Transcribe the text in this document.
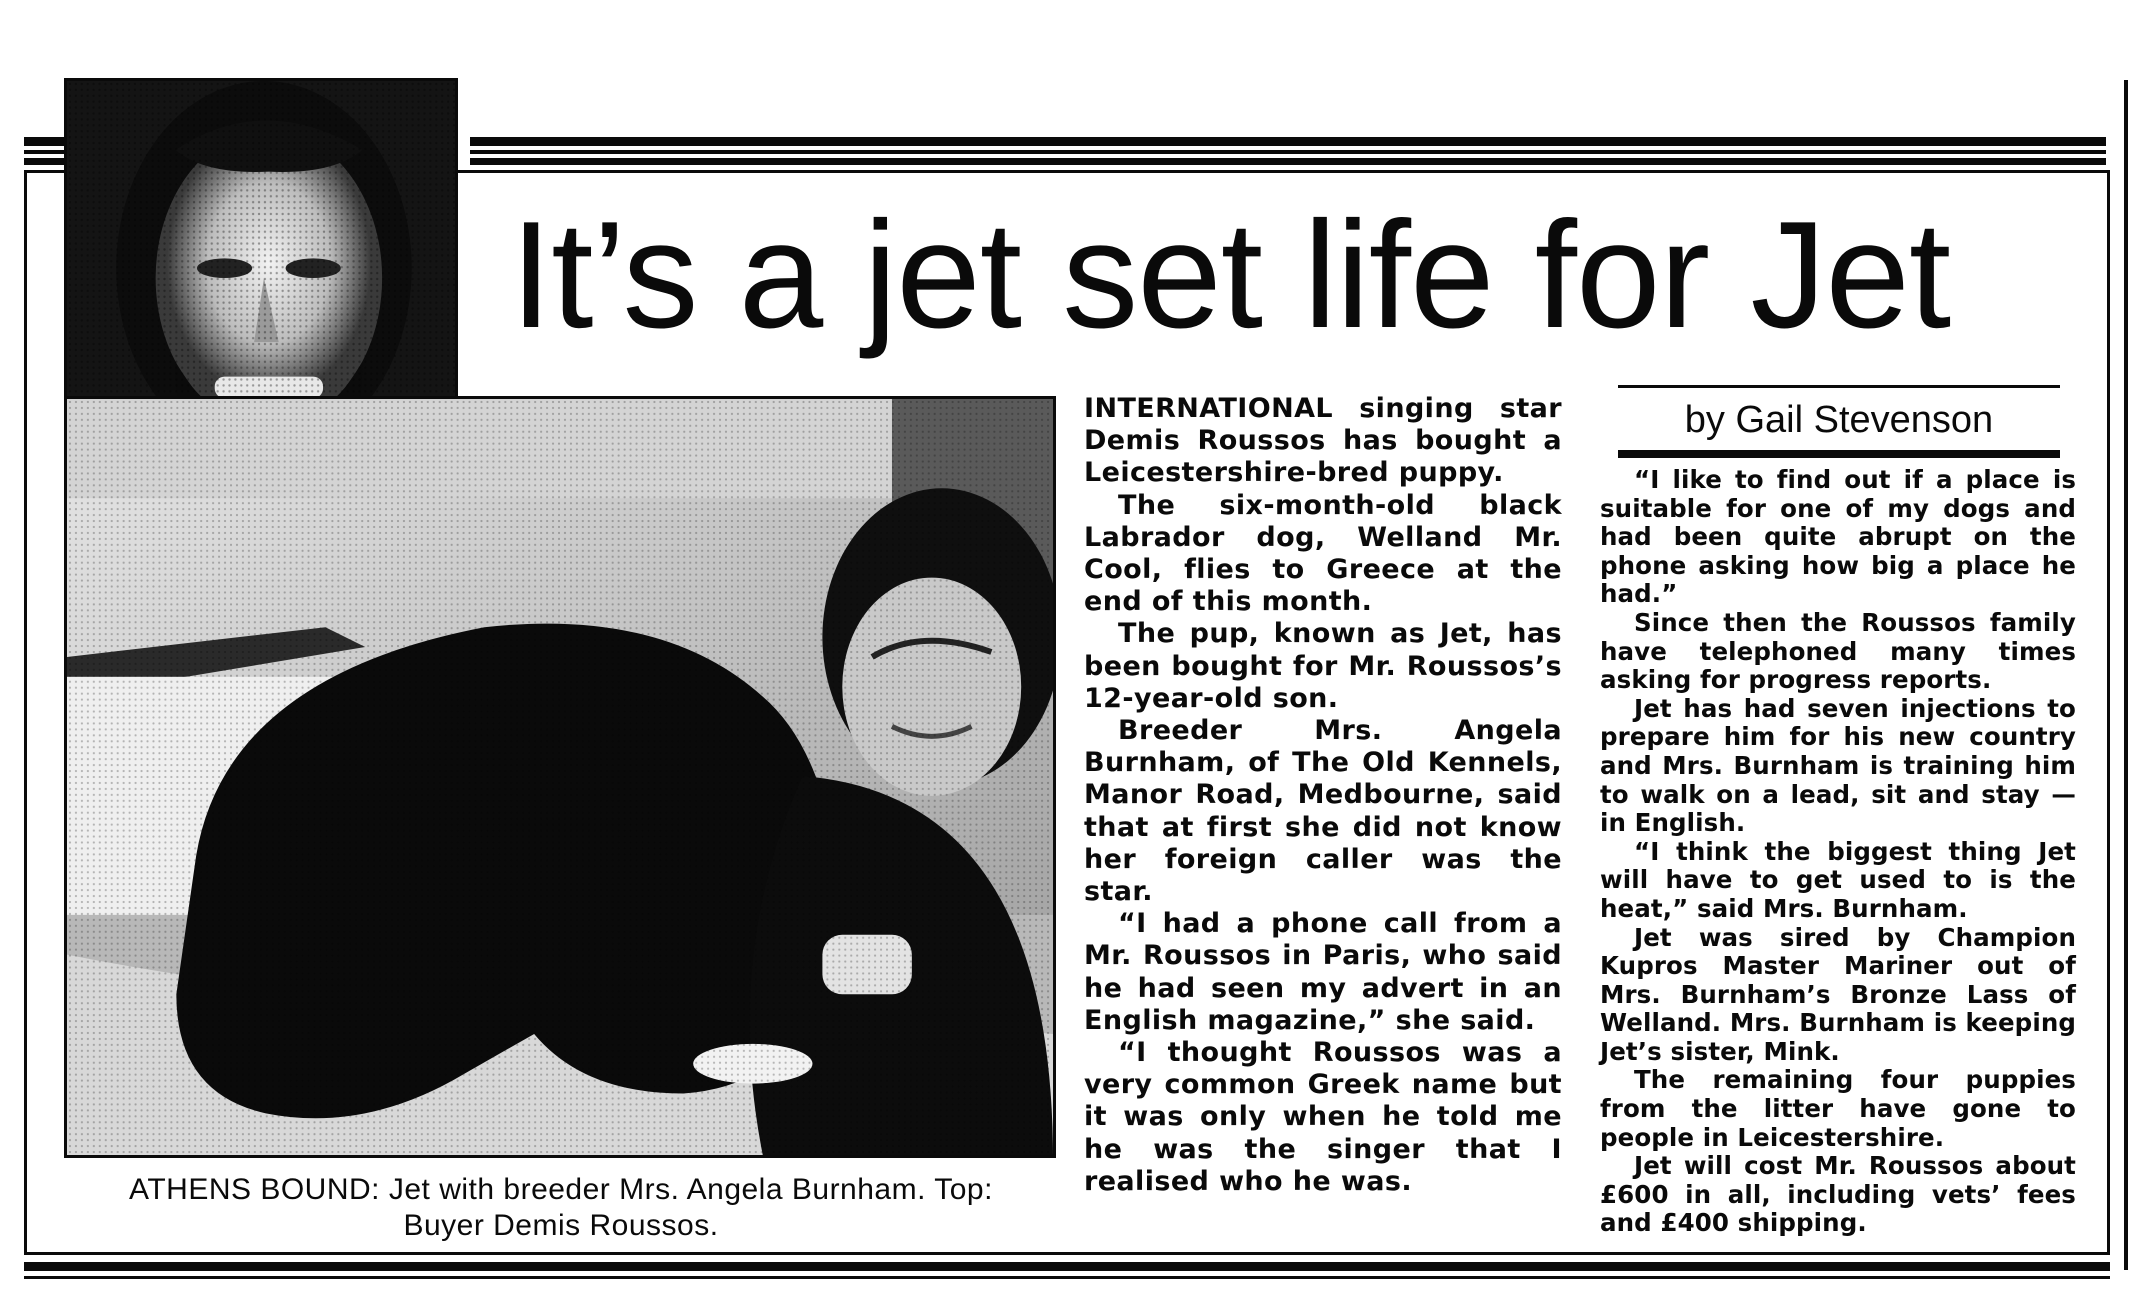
It’s a jet set life for Jet
ATHENS BOUND: Jet with breeder Mrs. Angela Burnham. Top:
Buyer Demis Roussos.
by Gail Stevenson

INTERNATIONAL singing star Demis Roussos has bought a Leicestershire-bred puppy.

The six-month-old black Labrador dog, Welland Mr. Cool, flies to Greece at the end of this month.

The pup, known as Jet, has been bought for Mr. Roussos’s 12-year-old son.

Breeder Mrs. Angela Burnham, of The Old Kennels, Manor Road, Medbourne, said that at first she did not know her foreign caller was the star.

“I had a phone call from a Mr. Roussos in Paris, who said he had seen my advert in an English magazine,” she said.

“I thought Roussos was a very common Greek name but it was only when he told me he was the singer that I realised who he was.

“I like to find out if a place is suitable for one of my dogs and had been quite abrupt on the phone asking how big a place he had.”

Since then the Roussos family have telephoned many times asking for progress reports.

Jet has had seven injections to prepare him for his new country and Mrs. Burnham is training him to walk on a lead, sit and stay — in English.

“I think the biggest thing Jet will have to get used to is the heat,” said Mrs. Burnham.

Jet was sired by Champion Kupros Master Mariner out of Mrs. Burnham’s Bronze Lass of Welland. Mrs. Burnham is keeping Jet’s sister, Mink.

The remaining four puppies from the litter have gone to people in Leicestershire.

Jet will cost Mr. Roussos about £600 in all, including vets’ fees and £400 shipping.
